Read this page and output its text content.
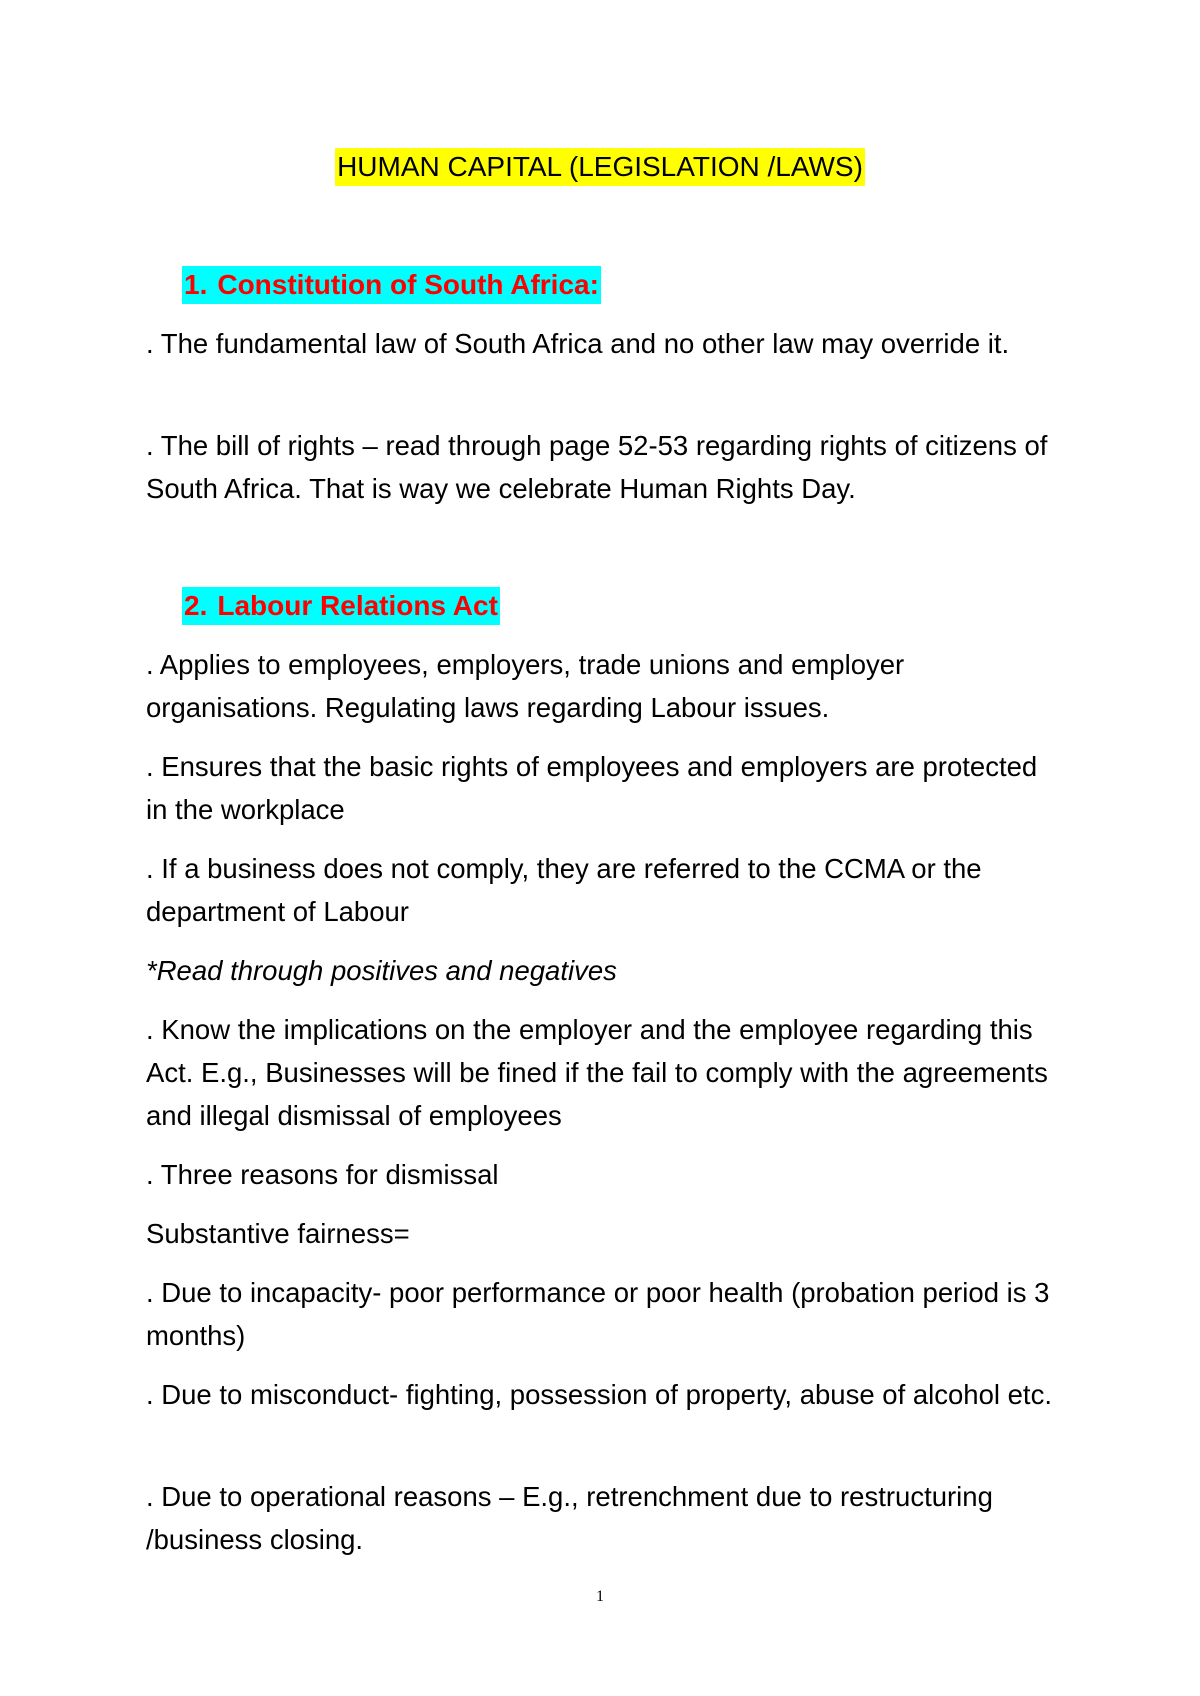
HUMAN CAPITAL (LEGISLATION /LAWS)
1. Constitution of South Africa:

. The fundamental law of South Africa and no other law may override it.

. The bill of rights – read through page 52-53 regarding rights of citizens of South Africa. That is way we celebrate Human Rights Day.

2. Labour Relations Act

. Applies to employees, employers, trade unions and employer organisations. Regulating laws regarding Labour issues.

. Ensures that the basic rights of employees and employers are protected in the workplace

. If a business does not comply, they are referred to the CCMA or the department of Labour

*Read through positives and negatives

. Know the implications on the employer and the employee regarding this Act. E.g., Businesses will be fined if the fail to comply with the agreements and illegal dismissal of employees

. Three reasons for dismissal

Substantive fairness=

. Due to incapacity- poor performance or poor health (probation period is 3 months)

. Due to misconduct- fighting, possession of property, abuse of alcohol etc.

. Due to operational reasons – E.g., retrenchment due to restructuring /business closing.

1
